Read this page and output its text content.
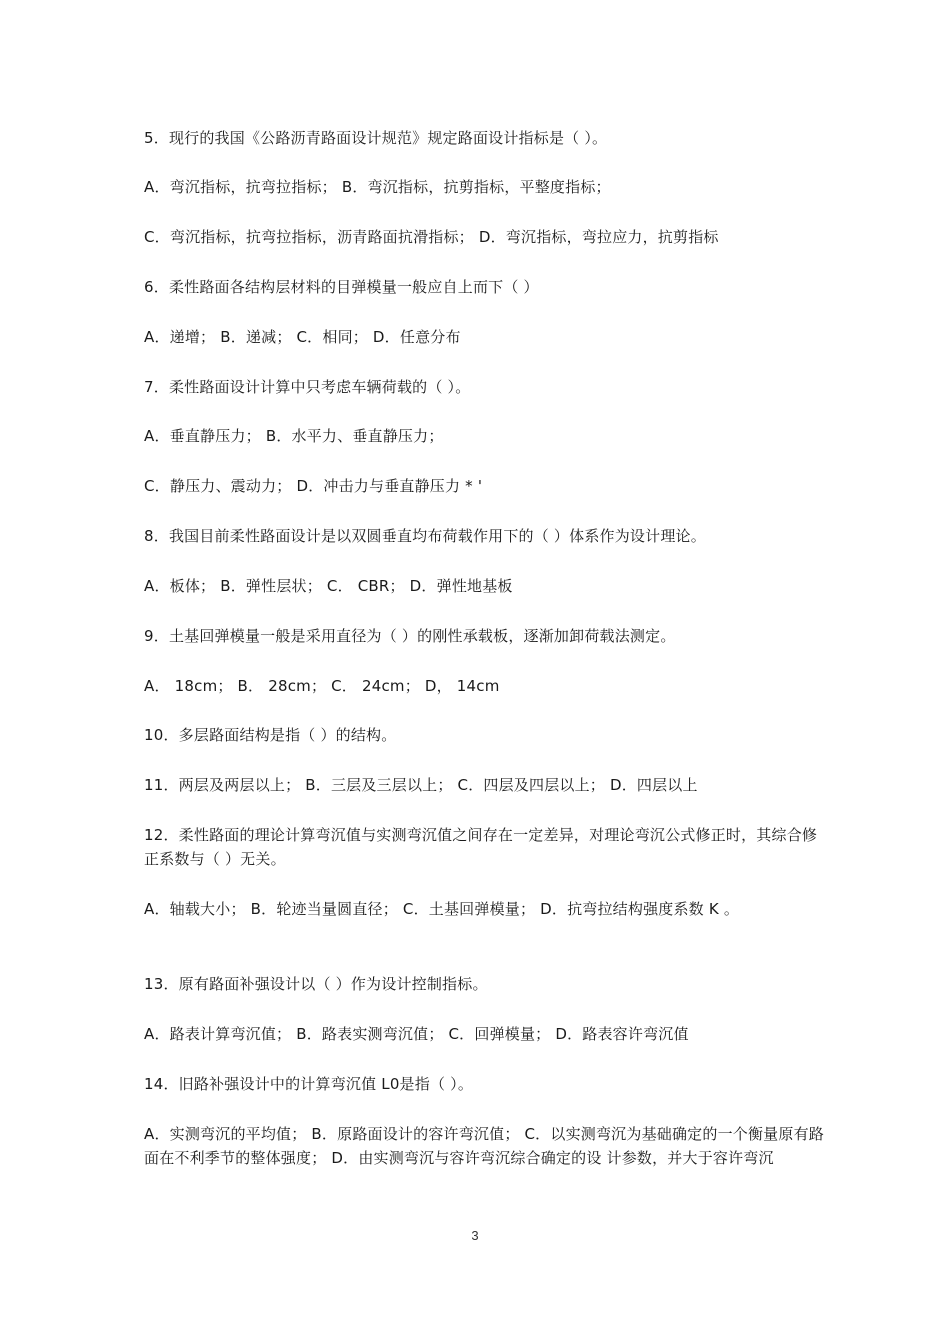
5．现行的我国《公路沥青路面设计规范》规定路面设计指标是（ ）。
A．弯沉指标，抗弯拉指标； B．弯沉指标，抗剪指标，平整度指标；
C．弯沉指标，抗弯拉指标，沥青路面抗滑指标； D．弯沉指标，弯拉应力，抗剪指标
6．柔性路面各结构层材料的目弹模量一般应自上而下（ ）
A．递增； B．递减； C．相同； D．任意分布
7．柔性路面设计计算中只考虑车辆荷载的（ ）。
A．垂直静压力； B．水平力、垂直静压力；
C．静压力、震动力； D．冲击力与垂直静压力 * '
8．我国目前柔性路面设计是以双圆垂直均布荷载作用下的（ ）体系作为设计理论。
A．板体； B．弹性层状； C． CBR； D．弹性地基板
9．土基回弹模量一般是采用直径为（ ）的刚性承载板，逐渐加卸荷载法测定。
A． 18cm； B． 28cm； C． 24cm； D， 14cm
10．多层路面结构是指（ ）的结构。
11．两层及两层以上； B．三层及三层以上； C．四层及四层以上； D．四层以上
12．柔性路面的理论计算弯沉值与实测弯沉值之间存在一定差异，对理论弯沉公式修正时，其综合修正系数与（ ）无关。
A．轴载大小； B．轮迹当量圆直径； C．土基回弹模量； D．抗弯拉结构强度系数 K 。
13．原有路面补强设计以（ ）作为设计控制指标。
A．路表计算弯沉值； B．路表实测弯沉值； C．回弹模量； D．路表容许弯沉值
14．旧路补强设计中的计算弯沉值 L0是指（ ）。
A．实测弯沉的平均值； B．原路面设计的容许弯沉值； C．以实测弯沉为基础确定的一个衡量原有路面在不利季节的整体强度； D．由实测弯沉与容许弯沉综合确定的设 计参数，并大于容许弯沉
3
